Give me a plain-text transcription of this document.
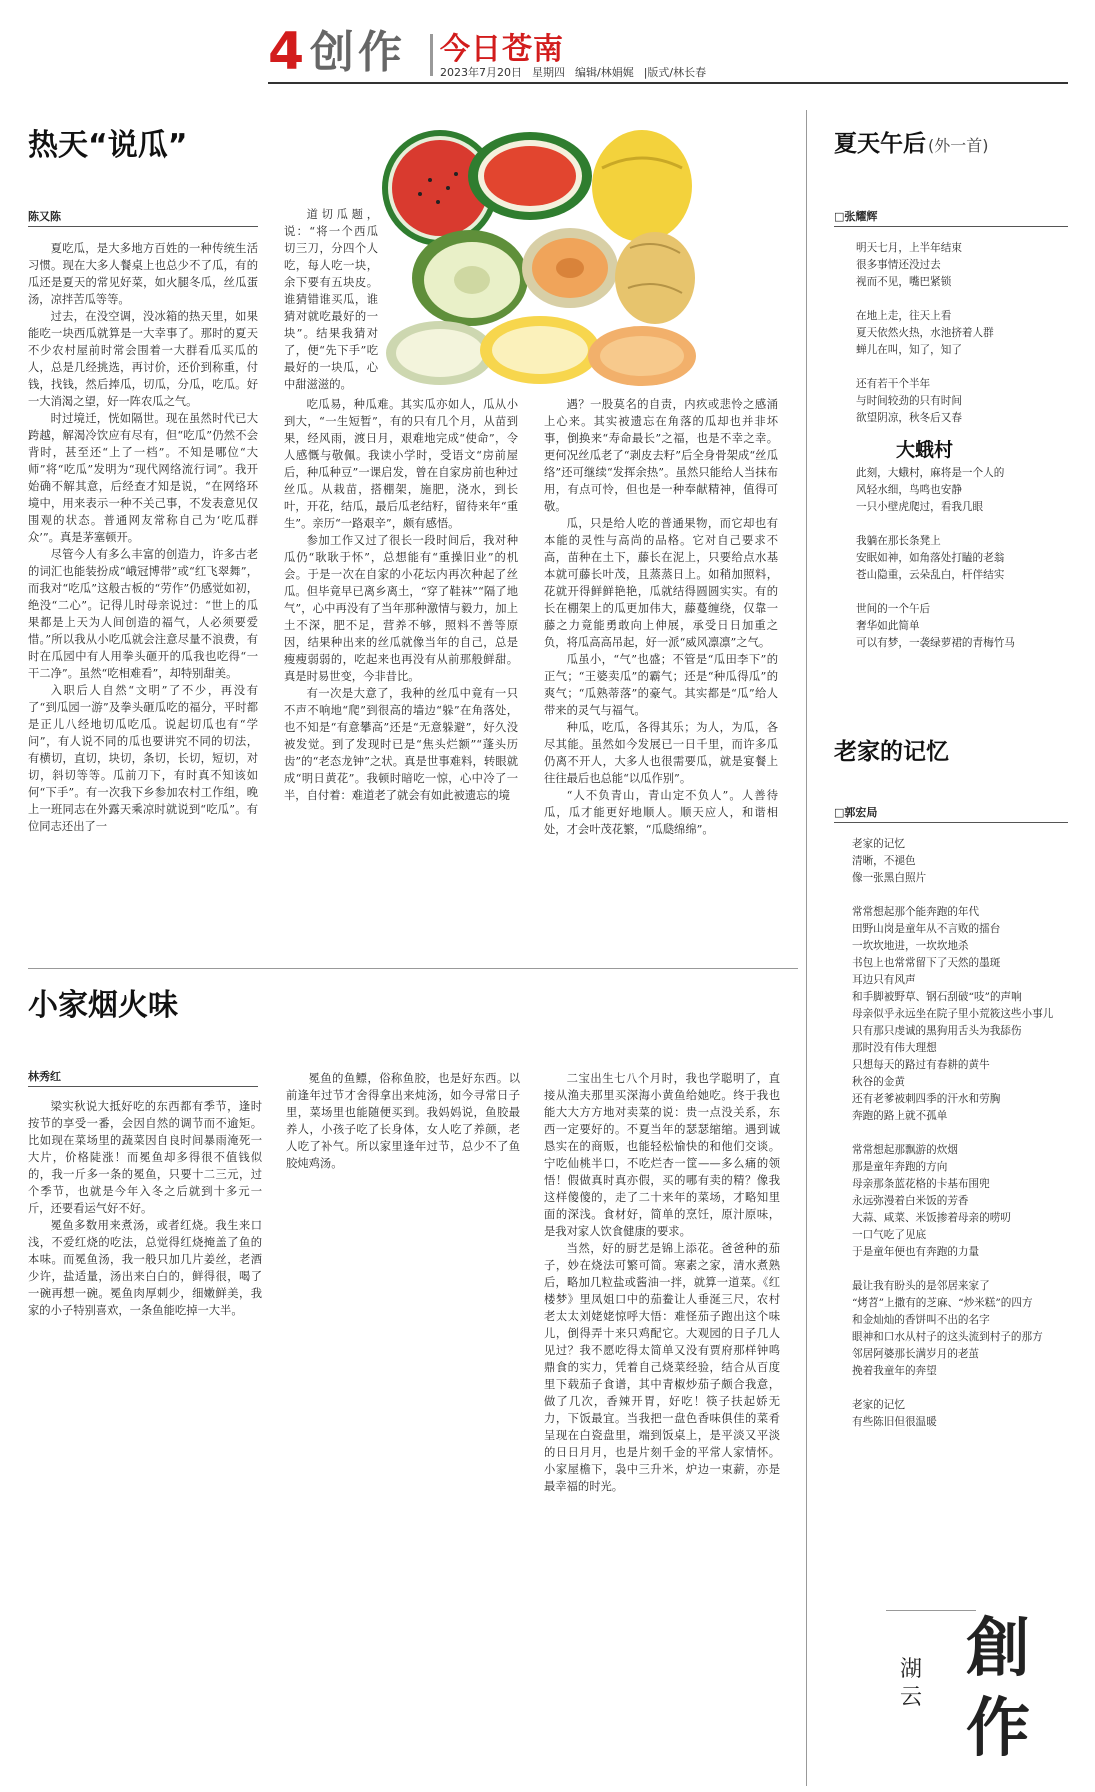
4 创作 今日苍南
2023年7月20日 星期四 编辑/林娟娓 |版式/林长春
热天“说瓜”
陈又陈

夏吃瓜，是大多地方百姓的一种传统生活习惯。现在大多人餐桌上也总少不了瓜，有的瓜还是夏天的常见好菜，如火腿冬瓜，丝瓜蛋汤，凉拌苦瓜等等。

过去，在没空调，没冰箱的热天里，如果能吃一块西瓜就算是一大幸事了。那时的夏天不少农村屋前时常会围着一大群看瓜买瓜的人，总是几经挑选，再讨价，还价到称重，付钱，找钱，然后捧瓜，切瓜，分瓜，吃瓜。好一大消渴之望，好一阵农瓜之气。

时过境迁，恍如隔世。现在虽然时代已大跨越，解渴冷饮应有尽有，但“吃瓜”仍然不会背时，甚至还“上了一档”。不知是哪位“大师”将“吃瓜”发明为“现代网络流行词”。我开始确不解其意，后经查才知是说，“在网络环境中，用来表示一种不关己事，不发表意见仅围观的状态。普通网友常称自己为‘吃瓜群众’”。真是茅塞顿开。

尽管今人有多么丰富的创造力，许多古老的词汇也能装扮成“峨冠博带”或“红飞翠舞”，而我对“吃瓜”这般古板的“劳作”仍感觉如初，绝没“二心”。记得儿时母亲说过：“世上的瓜果都是上天为人间创造的福气，人必须要爱惜。”所以我从小吃瓜就会注意尽量不浪费，有时在瓜园中有人用拳头砸开的瓜我也吃得“一干二净”。虽然“吃相难看”，却特别甜美。

入职后人自然“文明”了不少，再没有了“到瓜园一游”及拳头砸瓜吃的福分，平时都是正儿八经地切瓜吃瓜。说起切瓜也有“学问”，有人说不同的瓜也要讲究不同的切法，有横切，直切，块切，条切，长切，短切，对切，斜切等等。瓜前刀下，有时真不知该如何“下手”。有一次我下乡参加农村工作组，晚上一班同志在外露天乘凉时就说到“吃瓜”。有位同志还出了一

道切瓜题，说：“将一个西瓜切三刀，分四个人吃，每人吃一块，余下要有五块皮。谁猜错谁买瓜，谁猜对就吃最好的一块”。结果我猜对了，便“先下手”吃最好的一块瓜，心中甜滋滋的。

吃瓜易，种瓜难。其实瓜亦如人，瓜从小到大，“一生短暂”，有的只有几个月，从苗到果，经风雨，渡日月，艰难地完成“使命”，令人感慨与敬佩。我读小学时，受语文“房前屋后，种瓜种豆”一课启发，曾在自家房前也种过丝瓜。从栽苗，搭棚架，施肥，浇水，到长叶，开花，结瓜，最后瓜老结籽，留待来年“重生”。亲历“一路艰辛”，颇有感悟。

参加工作又过了很长一段时间后，我对种瓜仍“耿耿于怀”，总想能有“重操旧业”的机会。于是一次在自家的小花坛内再次种起了丝瓜。但毕竟早已离乡离土，“穿了鞋袜”“隔了地气”，心中再没有了当年那种激情与毅力，加上土不深，肥不足，营养不够，照料不善等原因，结果种出来的丝瓜就像当年的自己，总是瘦瘦弱弱的，吃起来也再没有从前那般鲜甜。真是时易世变，今非昔比。

有一次是大意了，我种的丝瓜中竟有一只不声不响地“爬”到很高的墙边“躲”在角落处，也不知是“有意攀高”还是“无意躲避”，好久没被发觉。到了发现时已是“焦头烂额”“蓬头历齿”的“老态龙钟”之状。真是世事难料，转眼就成“明日黄花”。我顿时暗吃一惊，心中冷了一半，自付着：难道老了就会有如此被遗忘的境

遇？一股莫名的自责，内疚或悲怜之感涌上心来。其实被遗忘在角落的瓜却也并非坏事，倒换来“寿命最长”之福，也是不幸之幸。更何况丝瓜老了“剥皮去籽”后全身骨架成“丝瓜络”还可继续“发挥余热”。虽然只能给人当抹布用，有点可怜，但也是一种奉献精神，值得可敬。

瓜，只是给人吃的普通果物，而它却也有本能的灵性与高尚的品格。它对自己要求不高，苗种在土下，藤长在泥上，只要给点水基本就可藤长叶茂，且蒸蒸日上。如稍加照料，花就开得鲜鲜艳艳，瓜就结得圆圆实实。有的长在棚架上的瓜更加伟大，藤蔓缠绕，仅靠一藤之力竟能勇敢向上伸展，承受日日加重之负，将瓜高高吊起，好一派“威风凛凛”之气。

瓜虽小，“气”也盛；不管是“瓜田李下”的正气；“王婆卖瓜”的霸气；还是“种瓜得瓜”的爽气；“瓜熟蒂落”的豪气。其实都是“瓜”给人带来的灵气与福气。

种瓜，吃瓜，各得其乐；为人，为瓜，各尽其能。虽然如今发展已一日千里，而许多瓜仍离不开人，大多人也很需要瓜，就是宴餐上往往最后也总能“以瓜作别”。

“人不负青山，青山定不负人”。人善待瓜，瓜才能更好地顺人。顺天应人，和谐相处，才会叶茂花繁，“瓜瓞绵绵”。

小家烟火味
林秀红

梁实秋说大抵好吃的东西都有季节，逢时按节的享受一番，会因自然的调节而不逾矩。比如现在菜场里的蔬菜因自良时间暴雨淹死一大片，价格陡涨！而冕鱼却多得很不值钱似的，我一斤多一条的冕鱼，只要十二三元，过个季节，也就是今年入冬之后就到十多元一斤，还要看运气好不好。

冕鱼多数用来煮汤，或者红烧。我生来口浅，不爱红烧的吃法，总觉得红烧掩盖了鱼的本味。而冕鱼汤，我一般只加几片姜丝，老酒少许，盐适量，汤出来白白的，鲜得很，喝了一碗再想一碗。冕鱼肉厚刺少，细嫩鲜美，我家的小子特别喜欢，一条鱼能吃掉一大半。

冕鱼的鱼鳔，俗称鱼胶，也是好东西。以前逢年过节才舍得拿出来炖汤，如今寻常日子里，菜场里也能随便买到。我妈妈说，鱼胶最养人，小孩子吃了长身体，女人吃了养颜，老人吃了补气。所以家里逢年过节，总少不了鱼胶炖鸡汤。

二宝出生七八个月时，我也学聪明了，直接从渔夫那里买深海小黄鱼给她吃。终于我也能大大方方地对卖菜的说：贵一点没关系，东西一定要好的。不夏当年的瑟瑟缩缩。遇到诚恳实在的商贩，也能轻松愉快的和他们交谈。宁吃仙桃半口，不吃烂杏一筐——多么痛的领悟！假做真时真亦假，买的哪有卖的精？像我这样傻傻的，走了二十来年的菜场，才略知里面的深浅。食材好，简单的烹饪，原汁原味，是我对家人饮食健康的要求。

当然，好的厨艺是锦上添花。爸爸种的茄子，妙在烧法可繁可简。寒素之家，清水煮熟后，略加几粒盐或酱油一拌，就算一道菜。《红楼梦》里凤姐口中的茄鲞让人垂涎三尺，农村老太太刘姥姥惊呼大悟：难怪茄子跑出这个味儿，倒得弄十来只鸡配它。大观园的日子几人见过？我不愿吃得太简单又没有贾府那样钟鸣鼎食的实力，凭着自己烧菜经验，结合从百度里下载茄子食谱，其中青椒炒茄子颇合我意，做了几次，香辣开胃，好吃！筷子扶起娇无力，下饭最宜。当我把一盘色香味俱佳的菜肴呈现在白瓷盘里，端到饭桌上，是平淡又平淡的日日月月，也是片刻千金的平常人家情怀。小家屋檐下，袅中三升米，炉边一束薪，亦是最幸福的时光。

夏天午后 (外一首)
□张耀辉

明天七月，上半年结束

很多事情还没过去

视而不见，嘴巴紧锁

在地上走，往天上看

夏天依然火热，水池挤着人群

蝉儿在叫，知了，知了

还有若干个半年

与时间较劲的只有时间

欲望阴凉，秋冬后又春

大蛾村

此刻，大蛾村，麻将是一个人的

风轻水细，鸟鸣也安静

一只小壁虎爬过，看我几眼

我躺在那长条凳上

安眠如神，如角落处打瞌的老翁

苍山隐重，云朵乱白，杆伴结实

世间的一个午后

奢华如此简单

可以有梦，一袭绿萝裙的青梅竹马

老家的记忆
□郭宏局

老家的记忆

清晰，不褪色

像一张黑白照片

常常想起那个能奔跑的年代

田野山岗是童年从不言败的擂台

一坎坎地进，一坎坎地杀

书包上也常常留下了天然的墨斑

耳边只有风声

和手脚被野草、钢石刮破“吱”的声响

母亲似乎永远坐在院子里小荒筱这些小事儿

只有那只虔诚的黑狗用舌头为我舔伤

那时没有伟大理想

只想每天的路过有春耕的黄牛

秋谷的金黄

还有老爹被刺四季的汗水和劳胸

奔跑的路上就不孤单

常常想起那飘游的炊烟

那是童年奔跑的方向

母亲那条蓝花格的卡基布围兜

永远弥漫着白米饭的芳香

大蒜、咸菜、米饭掺着母亲的唠叨

一口气吃了见底

于是童年便也有奔跑的力量

最让我有盼头的是邻居来家了

“烤苕”上撒有的芝麻、“炒米糕”的四方

和金灿灿的香饼叫不出的名字

眼神和口水从村子的这头流到村子的那方

邻居阿婆那长满岁月的老茧

挽着我童年的奔望

老家的记忆

有些陈旧但很温暖

創
作
湖云
